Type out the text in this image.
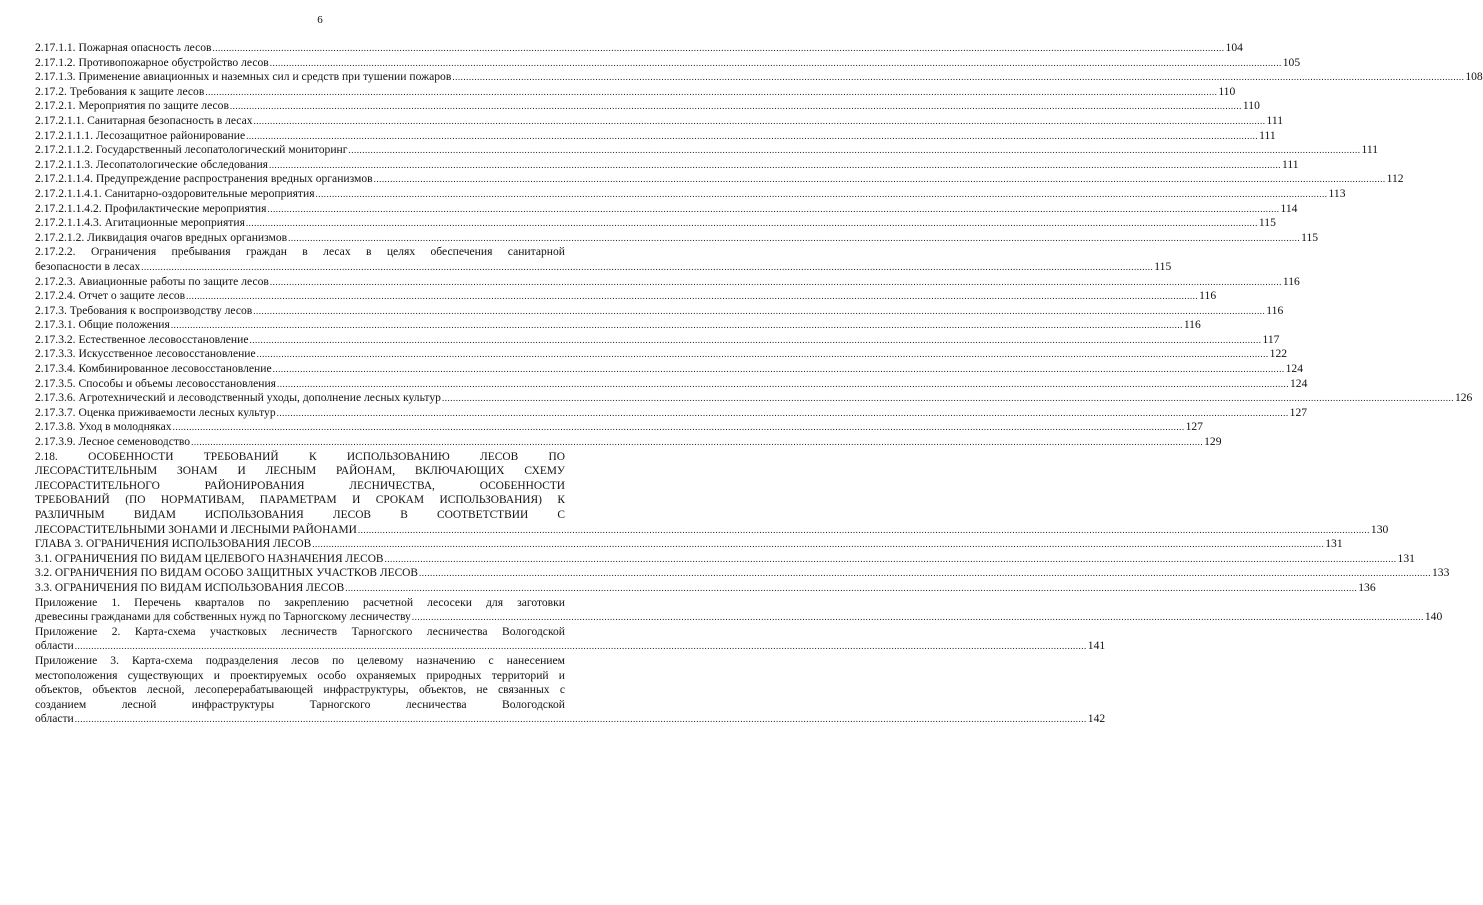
6
2.17.1.1. Пожарная опасность лесов .....	104
2.17.1.2. Противопожарное обустройство лесов .....	105
2.17.1.3. Применение авиационных и наземных сил и средств при тушении пожаров .....	108
2.17.2. Требования к защите лесов .....	110
2.17.2.1. Мероприятия по защите лесов .....	110
2.17.2.1.1. Санитарная безопасность в лесах .....	111
2.17.2.1.1.1. Лесозащитное районирование .....	111
2.17.2.1.1.2. Государственный лесопатологический мониторинг .....	111
2.17.2.1.1.3. Лесопатологические обследования .....	111
2.17.2.1.1.4. Предупреждение распространения вредных организмов .....	112
2.17.2.1.1.4.1. Санитарно-оздоровительные мероприятия .....	113
2.17.2.1.1.4.2. Профилактические мероприятия .....	114
2.17.2.1.1.4.3. Агитационные мероприятия .....	115
2.17.2.1.2. Ликвидация очагов вредных организмов .....	115
2.17.2.2. Ограничения пребывания граждан в лесах в целях обеспечения санитарной
безопасности в лесах .....	115
2.17.2.3. Авиационные работы по защите лесов .....	116
2.17.2.4. Отчет о защите лесов .....	116
2.17.3. Требования к воспроизводству лесов .....	116
2.17.3.1. Общие положения .....	116
2.17.3.2. Естественное лесовосстановление .....	117
2.17.3.3. Искусственное лесовосстановление .....	122
2.17.3.4. Комбинированное лесовосстановление .....	124
2.17.3.5. Способы и объемы лесовосстановления .....	124
2.17.3.6. Агротехнический и лесоводственный уходы, дополнение лесных культур .....	126
2.17.3.7. Оценка приживаемости лесных культур .....	127
2.17.3.8. Уход в молодняках .....	127
2.17.3.9. Лесное семеноводство .....	129
2.18. ОСОБЕННОСТИ ТРЕБОВАНИЙ К ИСПОЛЬЗОВАНИЮ ЛЕСОВ ПО
ЛЕСОРАСТИТЕЛЬНЫМ ЗОНАМ И ЛЕСНЫМ РАЙОНАМ, ВКЛЮЧАЮЩИХ СХЕМУ
ЛЕСОРАСТИТЕЛЬНОГО РАЙОНИРОВАНИЯ ЛЕСНИЧЕСТВА, ОСОБЕННОСТИ
ТРЕБОВАНИЙ (ПО НОРМАТИВАМ, ПАРАМЕТРАМ И СРОКАМ ИСПОЛЬЗОВАНИЯ) К
РАЗЛИЧНЫМ ВИДАМ ИСПОЛЬЗОВАНИЯ ЛЕСОВ В СООТВЕТСТВИИ С
ЛЕСОРАСТИТЕЛЬНЫМИ ЗОНАМИ И ЛЕСНЫМИ РАЙОНАМИ .....	130
ГЛАВА 3. ОГРАНИЧЕНИЯ ИСПОЛЬЗОВАНИЯ ЛЕСОВ .....	131
3.1. ОГРАНИЧЕНИЯ ПО ВИДАМ ЦЕЛЕВОГО НАЗНАЧЕНИЯ ЛЕСОВ .....	131
3.2. ОГРАНИЧЕНИЯ ПО ВИДАМ ОСОБО ЗАЩИТНЫХ УЧАСТКОВ ЛЕСОВ .....	133
3.3. ОГРАНИЧЕНИЯ ПО ВИДАМ ИСПОЛЬЗОВАНИЯ ЛЕСОВ .....	136
Приложение 1. Перечень кварталов по закреплению расчетной лесосеки для заготовки
древесины гражданами для собственных нужд по Тарногскому лесничеству .....	140
Приложение 2. Карта-схема участковых лесничеств Тарногского лесничества Вологодской
области .....	141
Приложение 3. Карта-схема подразделения лесов по целевому назначению с нанесением
местоположения существующих и проектируемых особо охраняемых природных территорий и
объектов, объектов лесной, лесоперерабатывающей инфраструктуры, объектов, не связанных с
созданием лесной инфраструктуры Тарногского лесничества Вологодской
области .....	142
